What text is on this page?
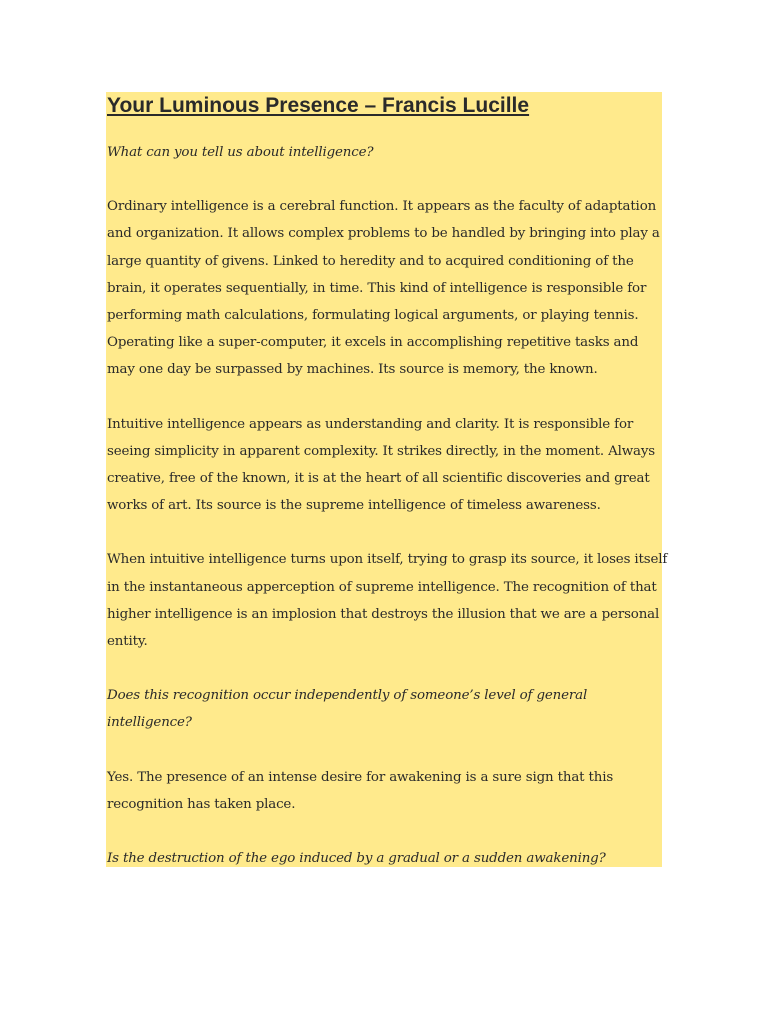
Your Luminous Presence – Francis Lucille
What can you tell us about intelligence?
Ordinary intelligence is a cerebral function. It appears as the faculty of adaptation
and organization. It allows complex problems to be handled by bringing into play a
large quantity of givens. Linked to heredity and to acquired conditioning of the
brain, it operates sequentially, in time. This kind of intelligence is responsible for
performing math calculations, formulating logical arguments, or playing tennis.
Operating like a super-computer, it excels in accomplishing repetitive tasks and
may one day be surpassed by machines. Its source is memory, the known.
Intuitive intelligence appears as understanding and clarity. It is responsible for
seeing simplicity in apparent complexity. It strikes directly, in the moment. Always
creative, free of the known, it is at the heart of all scientific discoveries and great
works of art. Its source is the supreme intelligence of timeless awareness.
When intuitive intelligence turns upon itself, trying to grasp its source, it loses itself
in the instantaneous apperception of supreme intelligence. The recognition of that
higher intelligence is an implosion that destroys the illusion that we are a personal
entity.
Does this recognition occur independently of someone’s level of general
intelligence?
Yes. The presence of an intense desire for awakening is a sure sign that this
recognition has taken place.
Is the destruction of the ego induced by a gradual or a sudden awakening?
